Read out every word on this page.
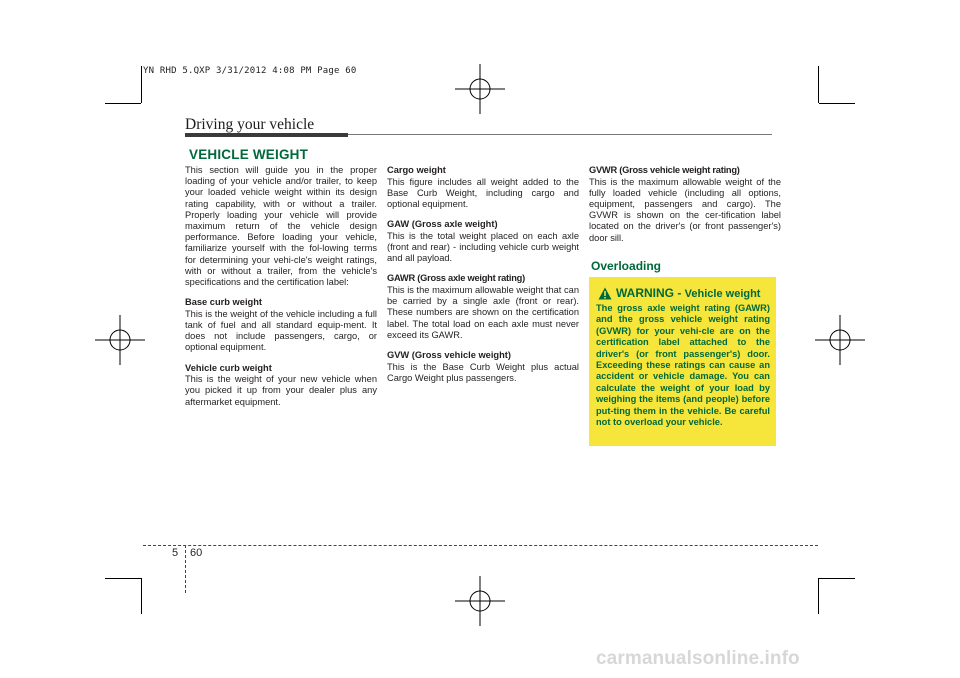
YN RHD 5.QXP 3/31/2012 4:08 PM Page 60
Driving your vehicle
VEHICLE WEIGHT

This section will guide you in the proper loading of your vehicle and/or trailer, to keep your loaded vehicle weight within its design rating capability, with or without a trailer. Properly loading your vehicle will provide maximum return of the vehicle design performance. Before loading your vehicle, familiarize yourself with the fol-lowing terms for determining your vehi-cle's weight ratings, with or without a trailer, from the vehicle's specifications and the certification label:

Base curb weight

This is the weight of the vehicle including a full tank of fuel and all standard equip-ment. It does not include passengers, cargo, or optional equipment.

Vehicle curb weight

This is the weight of your new vehicle when you picked it up from your dealer plus any aftermarket equipment.

Cargo weight

This figure includes all weight added to the Base Curb Weight, including cargo and optional equipment.

GAW (Gross axle weight)

This is the total weight placed on each axle (front and rear) - including vehicle curb weight and all payload.

GAWR (Gross axle weight rating)

This is the maximum allowable weight that can be carried by a single axle (front or rear). These numbers are shown on the certification label. The total load on each axle must never exceed its GAWR.

GVW (Gross vehicle weight)

This is the Base Curb Weight plus actual Cargo Weight plus passengers.

GVWR (Gross vehicle weight rating)

This is the maximum allowable weight of the fully loaded vehicle (including all options, equipment, passengers and cargo). The GVWR is shown on the cer-tification label located on the driver's (or front passenger's) door sill.

Overloading
WARNING - Vehicle weight
The gross axle weight rating (GAWR) and the gross vehicle weight rating (GVWR) for your vehi-cle are on the certification label attached to the driver's (or front passenger's) door. Exceeding these ratings can cause an accident or vehicle damage. You can calculate the weight of your load by weighing the items (and people) before put-ting them in the vehicle. Be careful not to overload your vehicle.
5 60
carmanualsonline.info
